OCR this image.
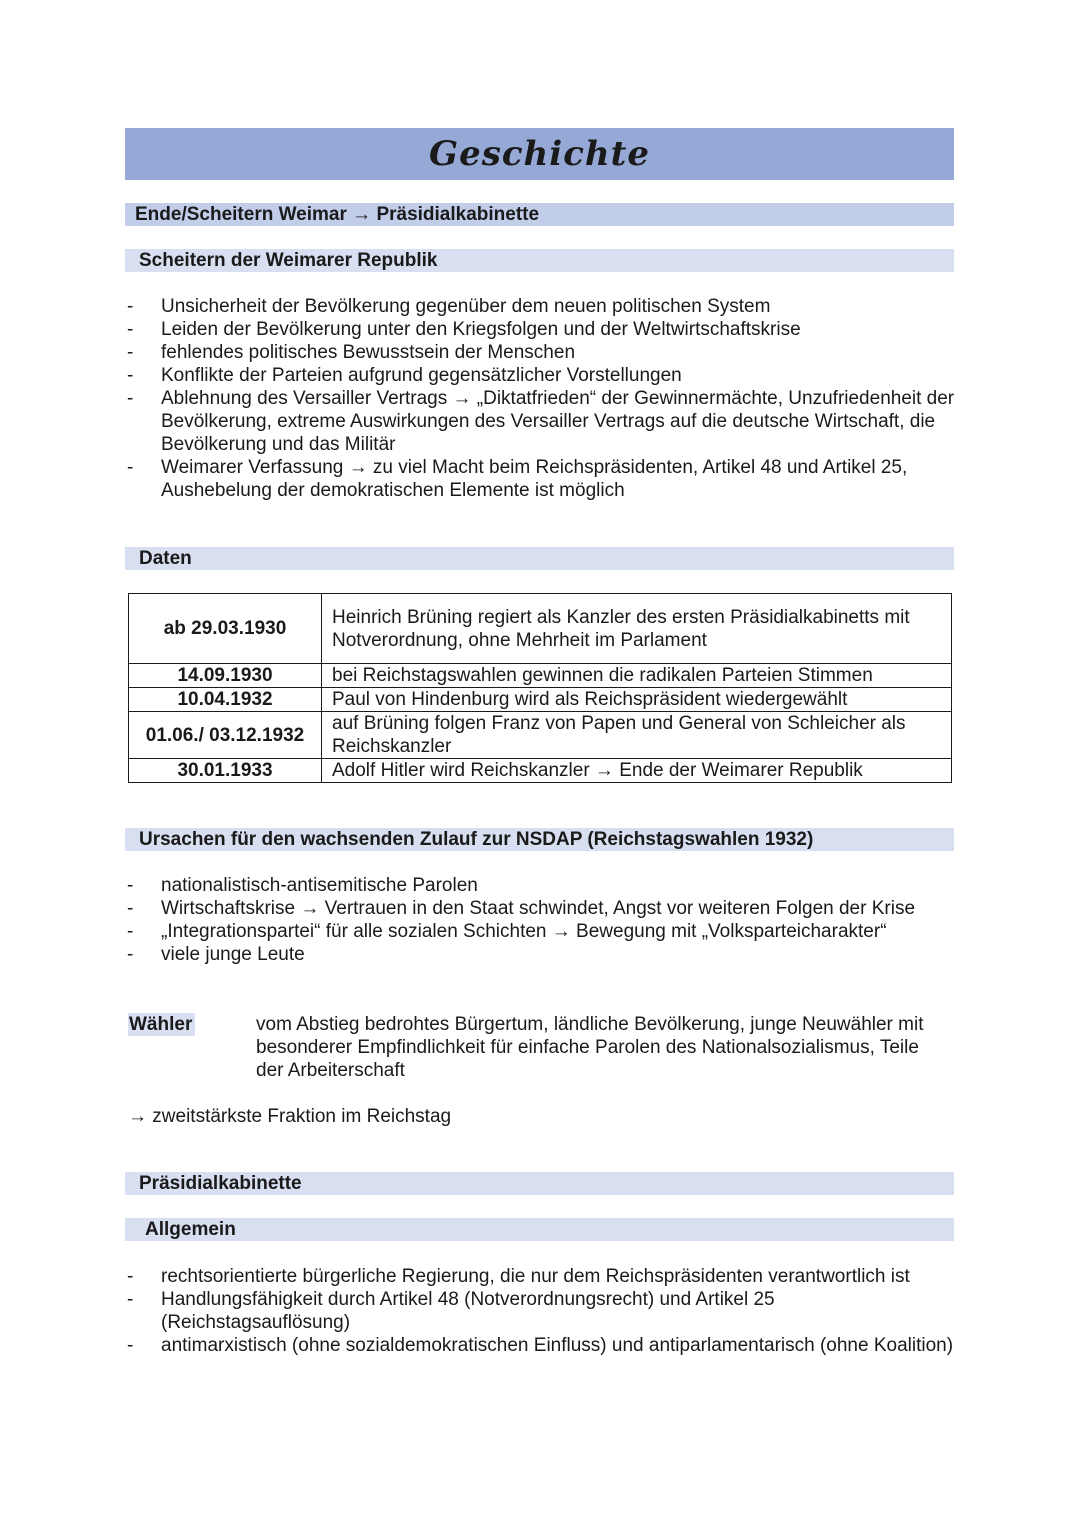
Geschichte
Ende/Scheitern Weimar → Präsidialkabinette
Scheitern der Weimarer Republik
- Unsicherheit der Bevölkerung gegenüber dem neuen politischen System
- Leiden der Bevölkerung unter den Kriegsfolgen und der Weltwirtschaftskrise
- fehlendes politisches Bewusstsein der Menschen
- Konflikte der Parteien aufgrund gegensätzlicher Vorstellungen
- Ablehnung des Versailler Vertrags → „Diktatfrieden“ der Gewinnermächte, Unzufriedenheit der Bevölkerung, extreme Auswirkungen des Versailler Vertrags auf die deutsche Wirtschaft, die Bevölkerung und das Militär
- Weimarer Verfassung → zu viel Macht beim Reichspräsidenten, Artikel 48 und Artikel 25, Aushebelung der demokratischen Elemente ist möglich
Daten
ab 29.03.1930	Heinrich Brüning regiert als Kanzler des ersten Präsidialkabinetts mit Notverordnung, ohne Mehrheit im Parlament
14.09.1930	bei Reichstagswahlen gewinnen die radikalen Parteien Stimmen
10.04.1932	Paul von Hindenburg wird als Reichspräsident wiedergewählt
01.06./ 03.12.1932	auf Brüning folgen Franz von Papen und General von Schleicher als Reichskanzler
30.01.1933	Adolf Hitler wird Reichskanzler → Ende der Weimarer Republik
Ursachen für den wachsenden Zulauf zur NSDAP (Reichstagswahlen 1932)
- nationalistisch-antisemitische Parolen
- Wirtschaftskrise → Vertrauen in den Staat schwindet, Angst vor weiteren Folgen der Krise
- „Integrationspartei“ für alle sozialen Schichten → Bewegung mit „Volksparteicharakter“
- viele junge Leute
Wähler	vom Abstieg bedrohtes Bürgertum, ländliche Bevölkerung, junge Neuwähler mit besonderer Empfindlichkeit für einfache Parolen des Nationalsozialismus, Teile der Arbeiterschaft
→ zweitstärkste Fraktion im Reichstag
Präsidialkabinette
Allgemein
- rechtsorientierte bürgerliche Regierung, die nur dem Reichspräsidenten verantwortlich ist
- Handlungsfähigkeit durch Artikel 48 (Notverordnungsrecht) und Artikel 25 (Reichstagsauflösung)
- antimarxistisch (ohne sozialdemokratischen Einfluss) und antiparlamentarisch (ohne Koalition)
